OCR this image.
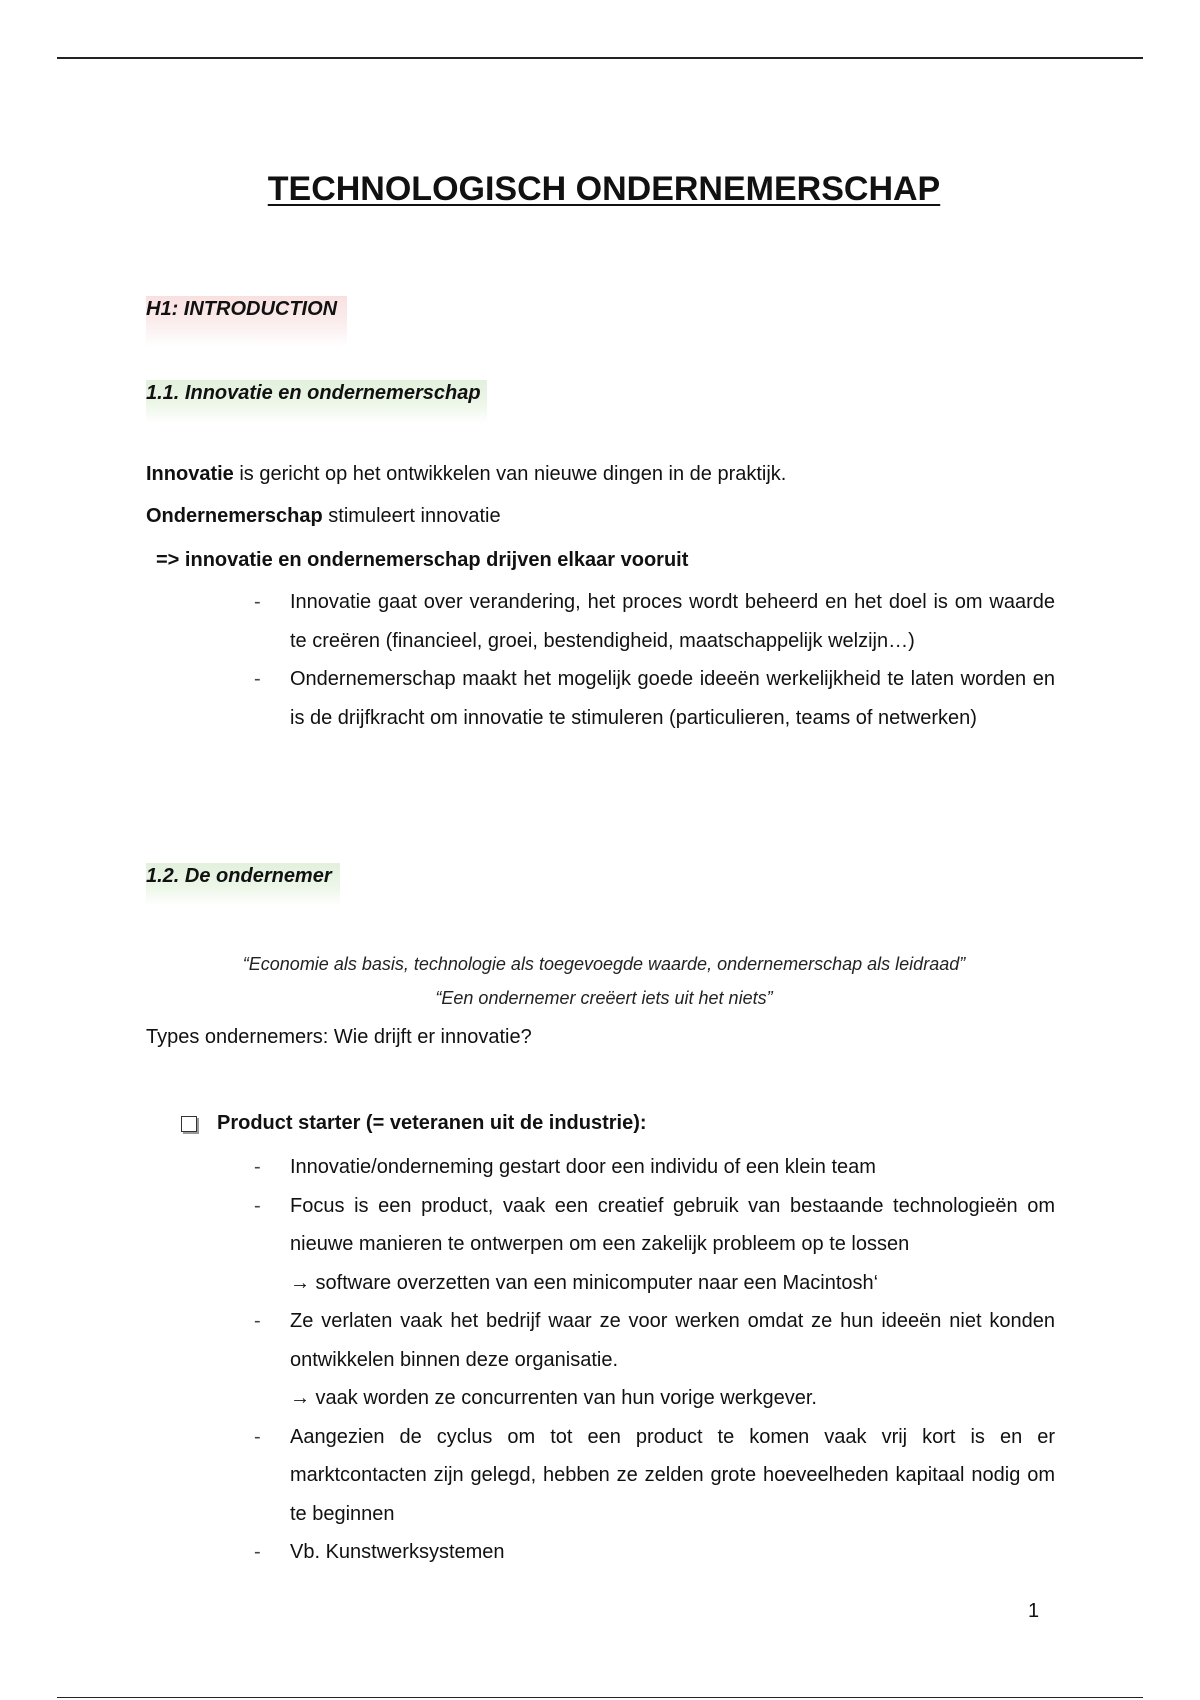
TECHNOLOGISCH ONDERNEMERSCHAP
H1: INTRODUCTION
1.1. Innovatie en ondernemerschap
Innovatie is gericht op het ontwikkelen van nieuwe dingen in de praktijk.
Ondernemerschap stimuleert innovatie
=> innovatie en ondernemerschap drijven elkaar vooruit

- Innovatie gaat over verandering, het proces wordt beheerd en het doel is om waarde te creëren (financieel, groei, bestendigheid, maatschappelijk welzijn…)

- Ondernemerschap maakt het mogelijk goede ideeën werkelijkheid te laten worden en is de drijfkracht om innovatie te stimuleren (particulieren, teams of netwerken)

1.2. De ondernemer
“Economie als basis, technologie als toegevoegde waarde, ondernemerschap als leidraad”
“Een ondernemer creëert iets uit het niets”
Types ondernemers: Wie drijft er innovatie?
Product starter (= veteranen uit de industrie):

- Innovatie/onderneming gestart door een individu of een klein team

- Focus is een product, vaak een creatief gebruik van bestaande technologieën om nieuwe manieren te ontwerpen om een zakelijk probleem op te lossen
→ software overzetten van een minicomputer naar een Macintosh‘

- Ze verlaten vaak het bedrijf waar ze voor werken omdat ze hun ideeën niet konden ontwikkelen binnen deze organisatie.
→ vaak worden ze concurrenten van hun vorige werkgever.

- Aangezien de cyclus om tot een product te komen vaak vrij kort is en er marktcontacten zijn gelegd, hebben ze zelden grote hoeveelheden kapitaal nodig om te beginnen

- Vb. Kunstwerksystemen

1
